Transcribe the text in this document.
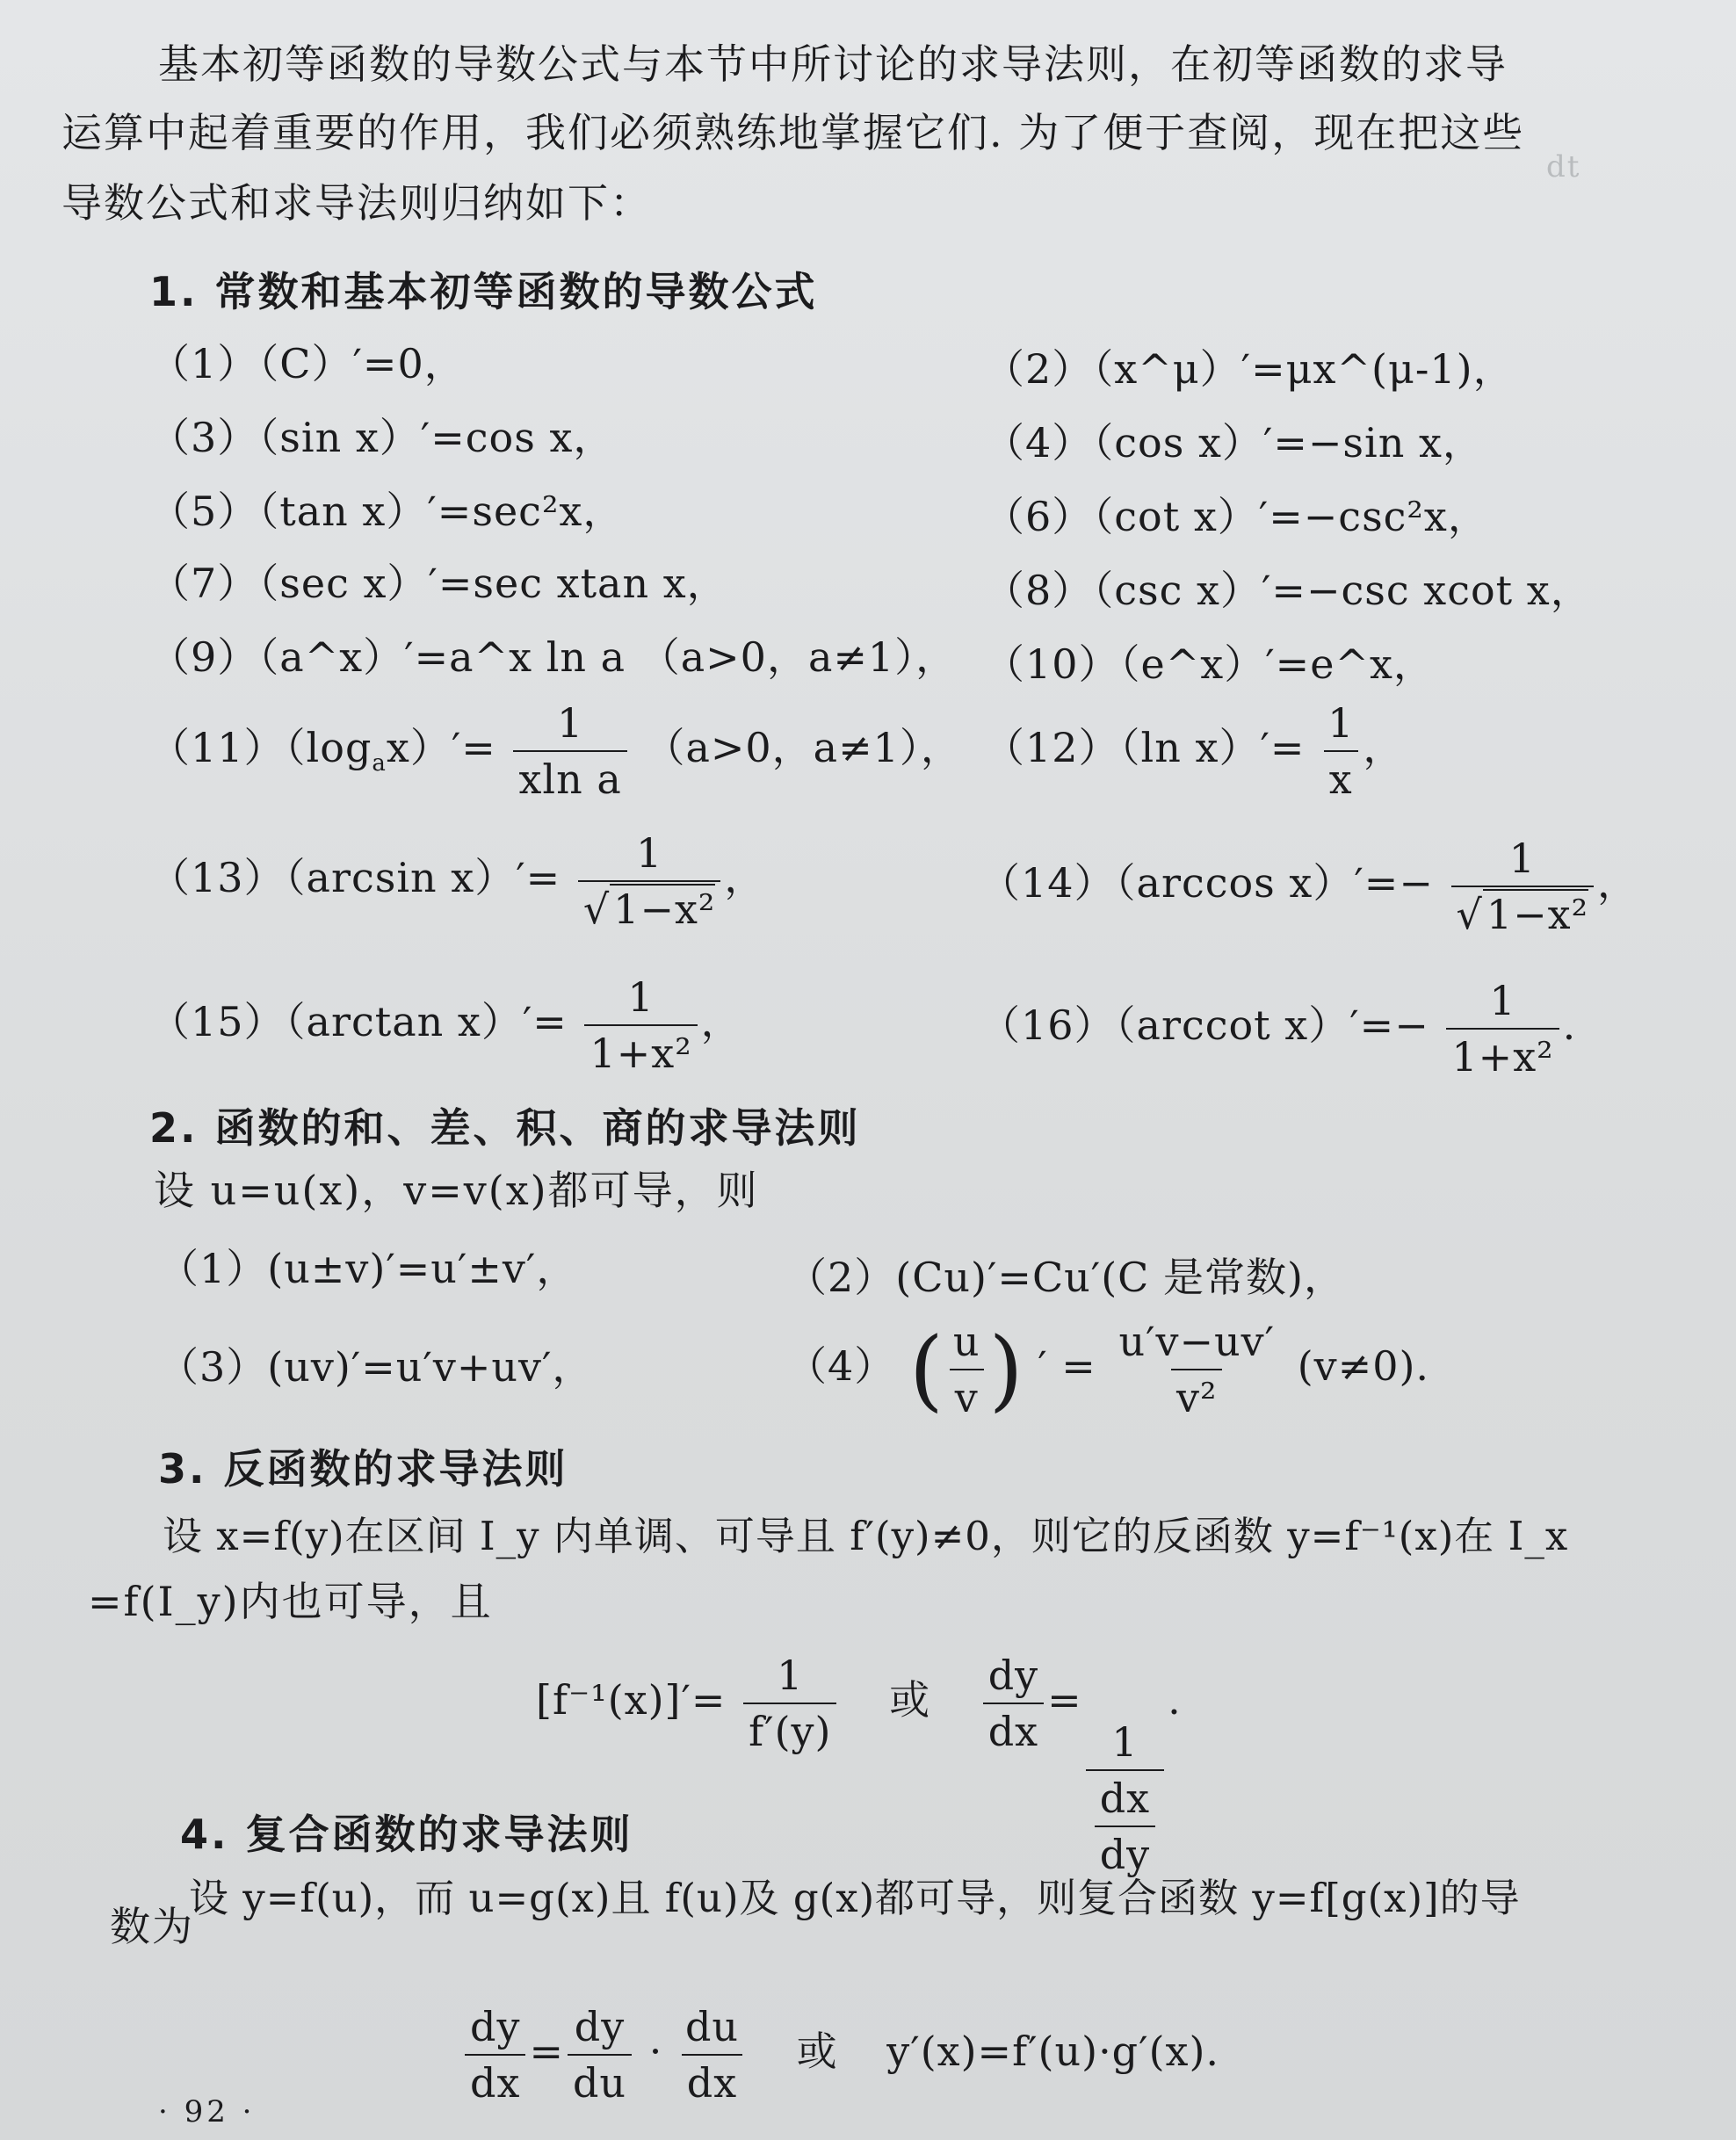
dt
基本初等函数的导数公式与本节中所讨论的求导法则，在初等函数的求导
运算中起着重要的作用，我们必须熟练地掌握它们. 为了便于查阅，现在把这些
导数公式和求导法则归纳如下：
1. 常数和基本初等函数的导数公式
（1）（C）′=0，	（2）（x^μ）′=μx^(μ-1)，
（3）（sin x）′=cos x，	（4）（cos x）′=−sin x，
（5）（tan x）′=sec²x，	（6）（cot x）′=−csc²x，
（7）（sec x）′=sec xtan x，	（8）（csc x）′=−csc xcot x，
（9）（a^x）′=a^x ln a （a>0，a≠1）， （10）（e^x）′=e^x，
$(11)(\log_ax)'= \frac{1}{\text{xln a}} (a>0$，a≠1）， （12）（ln $x)'= \frac{1}{x}$ ，
（13）（arcsin $x)'= \frac{1}{\text{√1−x²}}$ ，	（14）（arccos $x)'=- \frac{1}{\text{√1−x²}}$ ，
（15）（arctan $x)'= \frac{1}{\text{1+x²}}$ ，	（16）（arccot $x)'=- \frac{1}{\text{1+x²}}$ .
2. 函数的和、差、积、商的求导法则
设 u=u(x)，v=v(x)都可导，则
（1）(u±v)′=u′±v′，	（2）(Cu)′=Cu′(C 是常数)，
（3）(uv)′=u′v+uv′，	（4） ( $\frac{u}{v}$ ) ′ = $\frac{u'v-uv'}{\text{v²}} (v\ne 0)$.
3. 反函数的求导法则
设 x=f(y)在区间 I_y 内单调、可导且 f′(y)≠0，则它的反函数 y=f⁻¹(x)在 I_x
=f(I_y)内也可导，且
$[f^{-1}(x)]'= \frac{1}{f'(y)}$ 或 $\frac{dy}{dx}$ =
1
$\frac{dx}{dy}$
.
4. 复合函数的求导法则
设 y=f(u)，而 u=g(x)且 f(u)及 g(x)都可导，则复合函数 y=f[g(x)]的导
数为
$\frac{dy}{dx} = \frac{dy}{du} \cdot \frac{du}{dx}$ 或 y′(x)=f′(u)·g′(x).
· 92 ·
